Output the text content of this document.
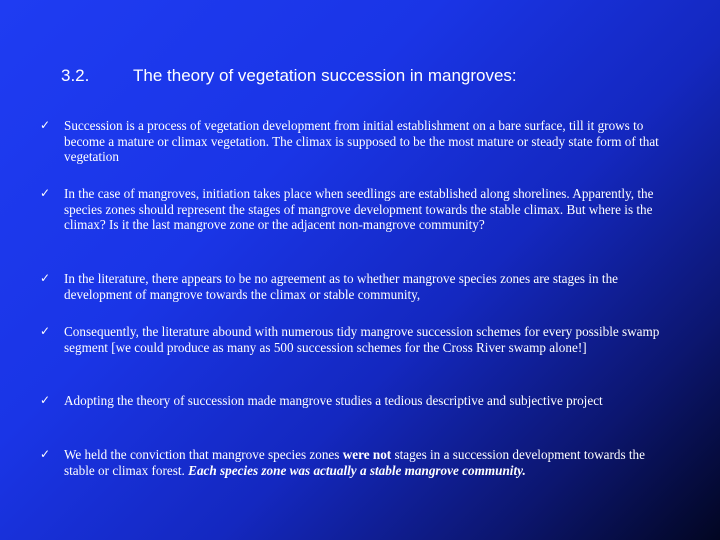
3.2.	The theory of vegetation succession in mangroves:
✓ Succession is a process of vegetation development from initial establishment on a bare surface, till it grows to become a mature or climax vegetation. The climax is supposed to be the most mature or steady state form of that vegetation
✓ In the case of mangroves, initiation takes place when seedlings are established along shorelines. Apparently, the species zones should represent the stages of mangrove development towards the stable climax. But where is the climax? Is it the last mangrove zone or the adjacent non-mangrove community?
✓ In the literature, there appears to be no agreement as to whether mangrove species zones are stages in the development of mangrove towards the climax or stable community,
✓ Consequently, the literature abound with numerous tidy mangrove succession schemes for every possible swamp segment [we could produce as many as 500 succession schemes for the Cross River swamp alone!]
✓ Adopting the theory of succession made mangrove studies a tedious descriptive and subjective project
✓ We held the conviction that mangrove species zones were not stages in a succession development towards the stable or climax forest. Each species zone was actually a stable mangrove community.
